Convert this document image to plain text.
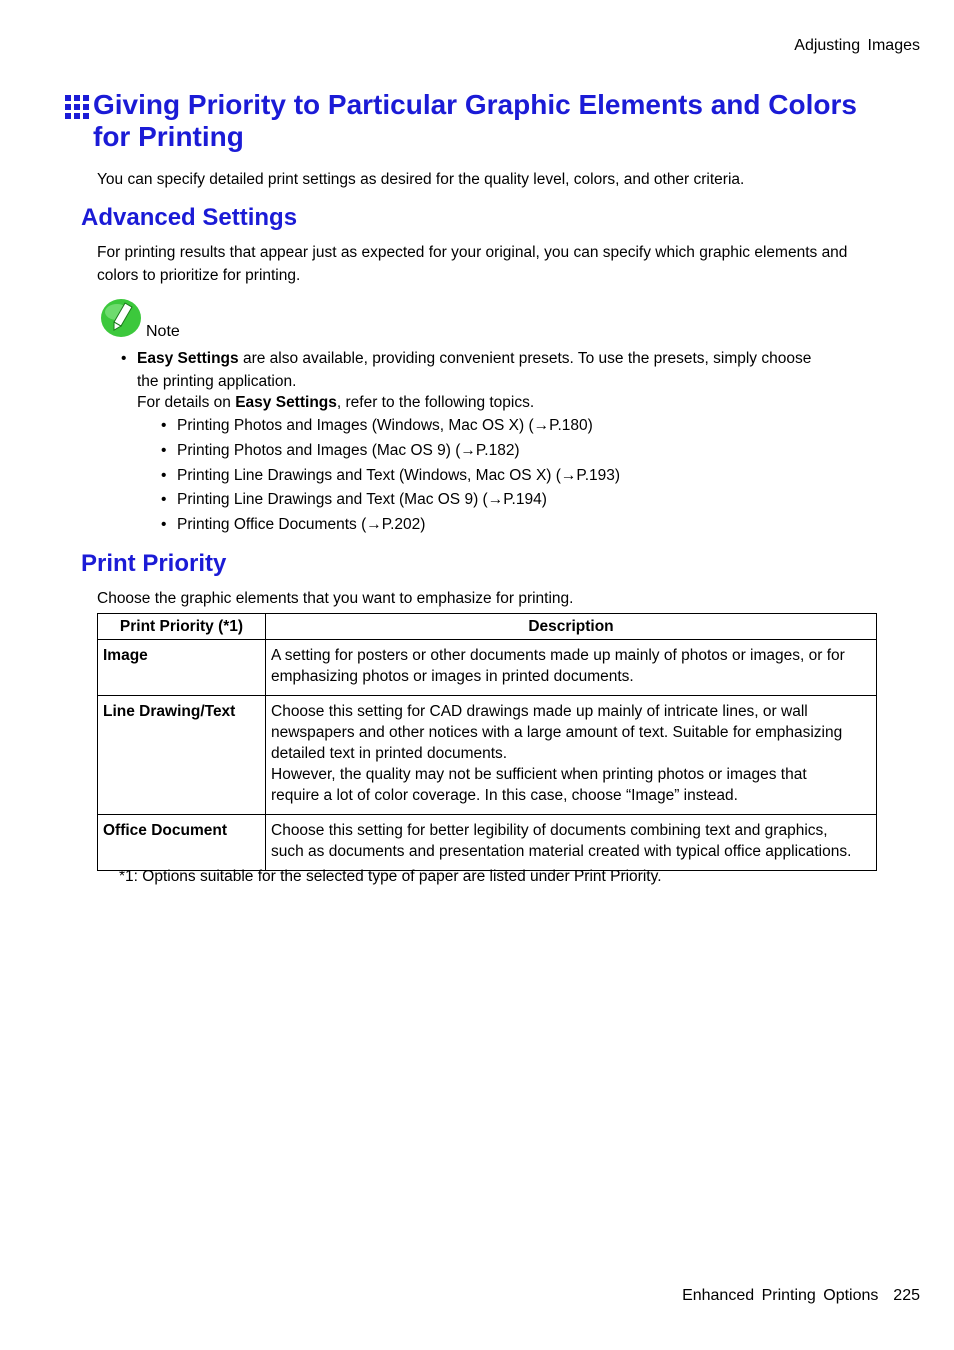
Adjusting Images
Giving Priority to Particular Graphic Elements and Colors for Printing
You can specify detailed print settings as desired for the quality level, colors, and other criteria.
Advanced Settings
For printing results that appear just as expected for your original, you can specify which graphic elements and
colors to prioritize for printing.
Note
• Easy Settings are also available, providing convenient presets. To use the presets, simply choose
the printing application.
For details on Easy Settings, refer to the following topics.
• Printing Photos and Images (Windows, Mac OS X) (→P.180)
• Printing Photos and Images (Mac OS 9) (→P.182)
• Printing Line Drawings and Text (Windows, Mac OS X) (→P.193)
• Printing Line Drawings and Text (Mac OS 9) (→P.194)
• Printing Office Documents (→P.202)
Print Priority
Choose the graphic elements that you want to emphasize for printing.
Print Priority (*1)	Description
Image	A setting for posters or other documents made up mainly of photos or images, or for
emphasizing photos or images in printed documents.

Line Drawing/Text	Choose this setting for CAD drawings made up mainly of intricate lines, or wall
newspapers and other notices with a large amount of text. Suitable for emphasizing
detailed text in printed documents.
However, the quality may not be sufficient when printing photos or images that
require a lot of color coverage. In this case, choose “Image” instead.

Office Document	Choose this setting for better legibility of documents combining text and graphics,
such as documents and presentation material created with typical office applications.
*1: Options suitable for the selected type of paper are listed under Print Priority.
Enhanced Printing Options 225
